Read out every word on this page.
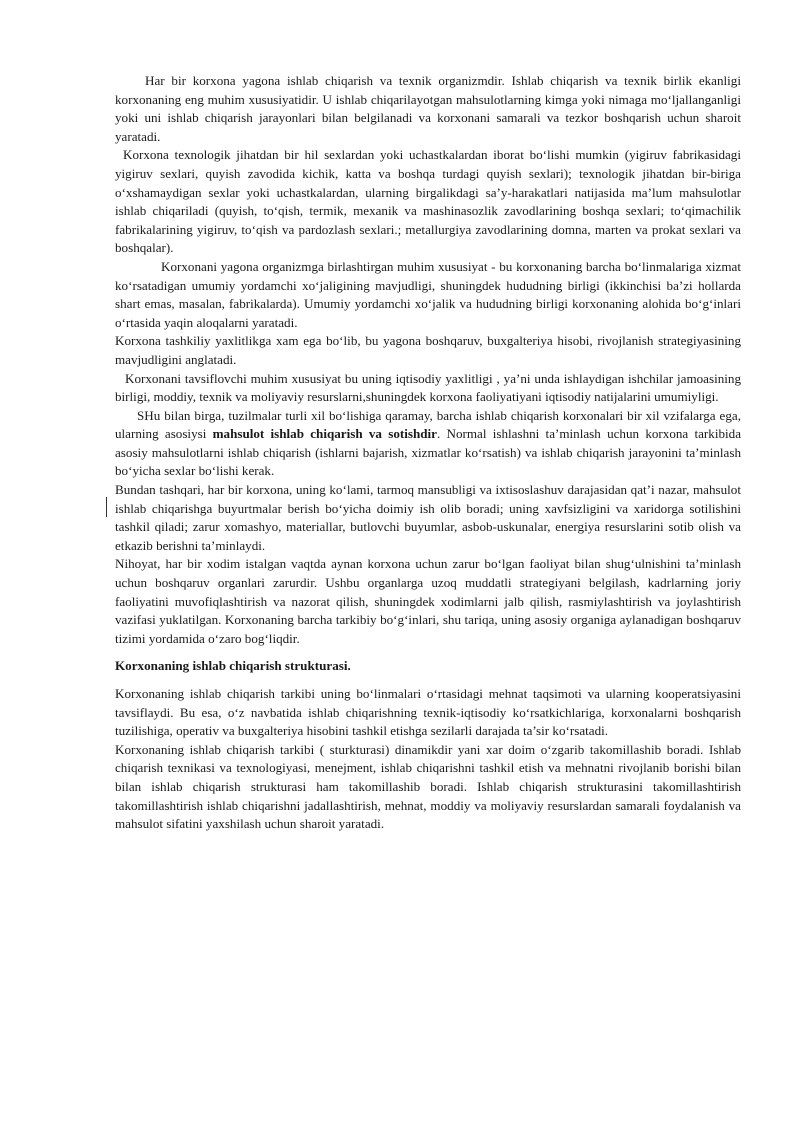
Har bir korxona yagona ishlab chiqarish va texnik organizmdir. Ishlab chiqarish va texnik birlik ekanligi korxonaning eng muhim xususiyatidir. U ishlab chiqarilayotgan mahsulotlarning kimga yoki nimaga mo‘ljallanganligi yoki uni ishlab chiqarish jarayonlari bilan belgilanadi va korxonani samarali va tezkor boshqarish uchun sharoit yaratadi.

Korxona texnologik jihatdan bir hil sexlardan yoki uchastkalardan iborat bo‘lishi mumkin (yigiruv fabrikasidagi yigiruv sexlari, quyish zavodida kichik, katta va boshqa turdagi quyish sexlari); texnologik jihatdan bir-biriga o‘xshamaydigan sexlar yoki uchastkalardan, ularning birgalikdagi sa’y-harakatlari natijasida ma’lum mahsulotlar ishlab chiqariladi (quyish, to‘qish, termik, mexanik va mashinasozlik zavodlarining boshqa sexlari; to‘qimachilik fabrikalarining yigiruv, to‘qish va pardozlash sexlari.; metallurgiya zavodlarining domna, marten va prokat sexlari va boshqalar).

Korxonani yagona organizmga birlashtirgan muhim xususiyat - bu korxonaning barcha bo‘linmalariga xizmat ko‘rsatadigan umumiy yordamchi xo‘jaligining mavjudligi, shuningdek hududning birligi (ikkinchisi ba’zi hollarda shart emas, masalan, fabrikalarda). Umumiy yordamchi xo‘jalik va hududning birligi korxonaning alohida bo‘g‘inlari o‘rtasida yaqin aloqalarni yaratadi.

Korxona tashkiliy yaxlitlikga xam ega bo‘lib, bu yagona boshqaruv, buxgalteriya hisobi, rivojlanish strategiyasining mavjudligini anglatadi.

Korxonani tavsiflovchi muhim xususiyat bu uning iqtisodiy yaxlitligi , ya’ni unda ishlaydigan ishchilar jamoasining birligi, moddiy, texnik va moliyaviy resurslarni,shuningdek korxona faoliyatiyani iqtisodiy natijalarini umumiyligi.

SHu bilan birga, tuzilmalar turli xil bo‘lishiga qaramay, barcha ishlab chiqarish korxonalari bir xil vzifalarga ega, ularning asosiysi mahsulot ishlab chiqarish va sotishdir. Normal ishlashni ta’minlash uchun korxona tarkibida asosiy mahsulotlarni ishlab chiqarish (ishlarni bajarish, xizmatlar ko‘rsatish) va ishlab chiqarish jarayonini ta’minlash bo‘yicha sexlar bo‘lishi kerak.

Bundan tashqari, har bir korxona, uning ko‘lami, tarmoq mansubligi va ixtisoslashuv darajasidan qat’i nazar, mahsulot ishlab chiqarishga buyurtmalar berish bo‘yicha doimiy ish olib boradi; uning xavfsizligini va xaridorga sotilishini tashkil qiladi; zarur xomashyo, materiallar, butlovchi buyumlar, asbob-uskunalar, energiya resurslarini sotib olish va etkazib berishni ta’minlaydi.

Nihoyat, har bir xodim istalgan vaqtda aynan korxona uchun zarur bo‘lgan faoliyat bilan shug‘ulnishini ta’minlash uchun boshqaruv organlari zarurdir. Ushbu organlarga uzoq muddatli strategiyani belgilash, kadrlarning joriy faoliyatini muvofiqlashtirish va nazorat qilish, shuningdek xodimlarni jalb qilish, rasmiylashtirish va joylashtirish vazifasi yuklatilgan. Korxonaning barcha tarkibiy bo‘g‘inlari, shu tariqa, uning asosiy organiga aylanadigan boshqaruv tizimi yordamida o‘zaro bog‘liqdir.

Korxonaning ishlab chiqarish strukturasi.

Korxonaning ishlab chiqarish tarkibi uning bo‘linmalari o‘rtasidagi mehnat taqsimoti va ularning kooperatsiyasini tavsiflaydi. Bu esa, o‘z navbatida ishlab chiqarishning texnik-iqtisodiy ko‘rsatkichlariga, korxonalarni boshqarish tuzilishiga, operativ va buxgalteriya hisobini tashkil etishga sezilarli darajada ta’sir ko‘rsatadi.

Korxonaning ishlab chiqarish tarkibi ( sturkturasi) dinamikdir yani xar doim o‘zgarib takomillashib boradi. Ishlab chiqarish texnikasi va texnologiyasi, menejment, ishlab chiqarishni tashkil etish va mehnatni rivojlanib borishi bilan bilan ishlab chiqarish strukturasi ham takomillashib boradi. Ishlab chiqarish strukturasini takomillashtirish takomillashtirish ishlab chiqarishni jadallashtirish, mehnat, moddiy va moliyaviy resurslardan samarali foydalanish va mahsulot sifatini yaxshilash uchun sharoit yaratadi.
